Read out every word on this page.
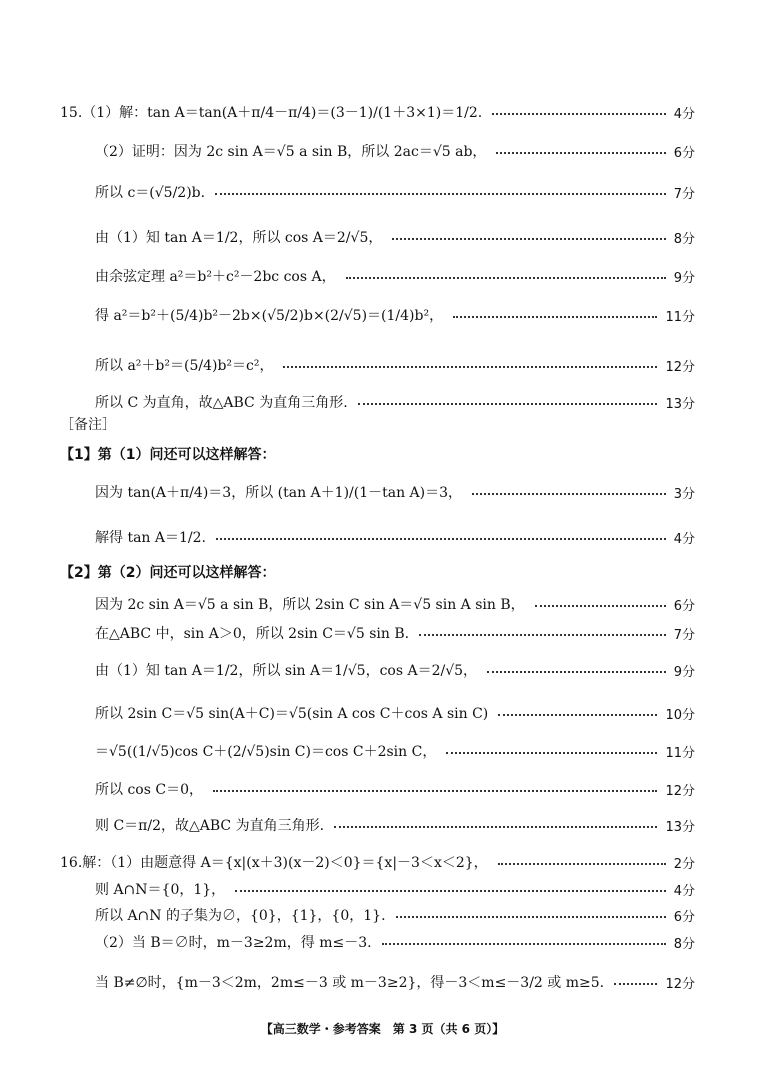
15.（1）解：tan A＝tan(A＋π/4－π/4)＝(3－1)/(1＋3×1)＝1/2.	4分
（2）证明：因为 2c sin A＝√5 a sin B，所以 2ac＝√5 ab，	6分
所以 c＝(√5/2)b.	7分
由（1）知 tan A＝1/2，所以 cos A＝2/√5，	8分
由余弦定理 a²＝b²＋c²－2bc cos A，	9分
得 a²＝b²＋(5/4)b²－2b×(√5/2)b×(2/√5)＝(1/4)b²，	11分
所以 a²＋b²＝(5/4)b²＝c²，	12分
所以 C 为直角，故△ABC 为直角三角形.	13分
［备注］
【1】第（1）问还可以这样解答：
因为 tan(A＋π/4)＝3，所以 (tan A＋1)/(1－tan A)＝3，	3分
解得 tan A＝1/2.	4分
【2】第（2）问还可以这样解答：
因为 2c sin A＝√5 a sin B，所以 2sin C sin A＝√5 sin A sin B，	6分
在△ABC 中，sin A＞0，所以 2sin C＝√5 sin B.	7分
由（1）知 tan A＝1/2，所以 sin A＝1/√5，cos A＝2/√5，	9分
所以 2sin C＝√5 sin(A＋C)＝√5(sin A cos C＋cos A sin C)	10分
＝√5((1/√5)cos C＋(2/√5)sin C)＝cos C＋2sin C，	11分
所以 cos C＝0，	12分
则 C＝π/2，故△ABC 为直角三角形.	13分
16.解：（1）由题意得 A＝{x|(x＋3)(x－2)＜0}＝{x|－3＜x＜2}，	2分
则 A∩N＝{0，1}，	4分
所以 A∩N 的子集为∅，{0}，{1}，{0，1}.	6分
（2）当 B＝∅时，m－3≥2m，得 m≤－3.	8分
当 B≠∅时，{m－3＜2m，2m≤－3 或 m－3≥2}，得－3＜m≤－3/2 或 m≥5.	12分
【高三数学・参考答案　第 3 页（共 6 页）】
